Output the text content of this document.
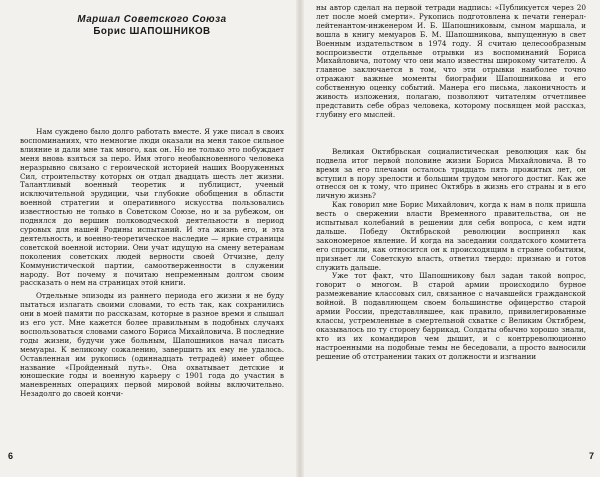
Маршал Советского Союза
Борис ШАПОШНИКОВ

Нам суждено было долго работать вместе. Я уже писал в своих воспоминаниях, что немногие люди оказали на меня такое сильное влияние и дали мне так много, как он. Но не только это побуждает меня вновь взяться за перо. Имя этого необыкновенного человека неразрывно связано с героической историей наших Вооруженных Сил, строительству которых он отдал двадцать шесть лет жизни. Талантливый военный теоретик и публицист, ученый исключительной эрудиции, чьи глубокие обобщения в области военной стратегии и оперативного искусства пользовались известностью не только в Советском Союзе, но и за рубежом, он поднялся до вершин полководческой деятельности в период суровых для нашей Родины испытаний. И эта жизнь его, и эта деятельность, и военно-теоретическое наследие — яркие страницы советской военной истории. Они учат идущую на смену ветеранам поколения советских людей верности своей Отчизне, делу Коммунистической партии, самоотверженности в служении народу. Вот почему я почитаю непременным долгом своим рассказать о нем на страницах этой книги.

Отдельные эпизоды из раннего периода его жизни я не буду пытаться излагать своими словами, то есть так, как сохранились они в моей памяти по рассказам, которые в разное время я слышал из его уст. Мне кажется более правильным в подобных случаях воспользоваться словами самого Бориса Михайловича. В последние годы жизни, будучи уже больным, Шапошников начал писать мемуары. К великому сожалению, завершить их ему не удалось. Оставленная им рукопись (одиннадцать тетрадей) имеет общее название «Пройденный путь». Она охватывает детские и юношеские годы и военную карьеру с 1901 года до участия в маневренных операциях первой мировой войны включительно. Незадолго до своей кончи-

6

ны автор сделал на первой тетради надпись: «Публикуется через 20 лет после моей смерти». Рукопись подготовлена к печати генерал-лейтенантом-инженером И. Б. Шапошниковым, сыном маршала, и вошла в книгу мемуаров Б. М. Шапошникова, выпущенную в свет Военным издательством в 1974 году. Я считаю целесообразным воспроизвести отдельные отрывки из воспоминаний Бориса Михайловича, потому что они мало известны широкому читателю. А главное заключается в том, что эти отрывки наиболее точно отражают важные моменты биографии Шапошникова и его собственную оценку событий. Манера его письма, лаконичность и живость изложения, полагаю, позволяют читателям отчетливее представить себе образ человека, которому посвящен мой рассказ, глубину его мыслей.

Великая Октябрьская социалистическая революция как бы подвела итог первой половине жизни Бориса Михайловича. В то время за его плечами осталось тридцать пять прожитых лет, он вступил в пору зрелости и большим трудом многого достиг. Как же отнесся он к тому, что принес Октябрь в жизнь его страны и в его личную жизнь?

Как говорил мне Борис Михайлович, когда к нам в полк пришла весть о свержении власти Временного правительства, он не испытывал колебаний в решении для себя вопроса, с кем идти дальше. Победу Октябрьской революции воспринял как закономерное явление. И когда на заседании солдатского комитета его спросили, как относится он к происходящим в стране событиям, признает ли Советскую власть, ответил твердо: признаю и готов служить дальше.

Уже тот факт, что Шапошникову был задан такой вопрос, говорит о многом. В старой армии происходило бурное размежевание классовых сил, связанное с начавшейся гражданской войной. В подавляющем своем большинстве офицерство старой армии России, представлявшее, как правило, привилегированные классы, устремленные в смертельной схватке с Великим Октябрем, оказывалось по ту сторону баррикад. Солдаты обычно хорошо знали, кто из их командиров чем дышит, и с контрреволюционно настроенными на подобные темы не беседовали, а просто выносили решение об отстранении таких от должности и изгнании

7
